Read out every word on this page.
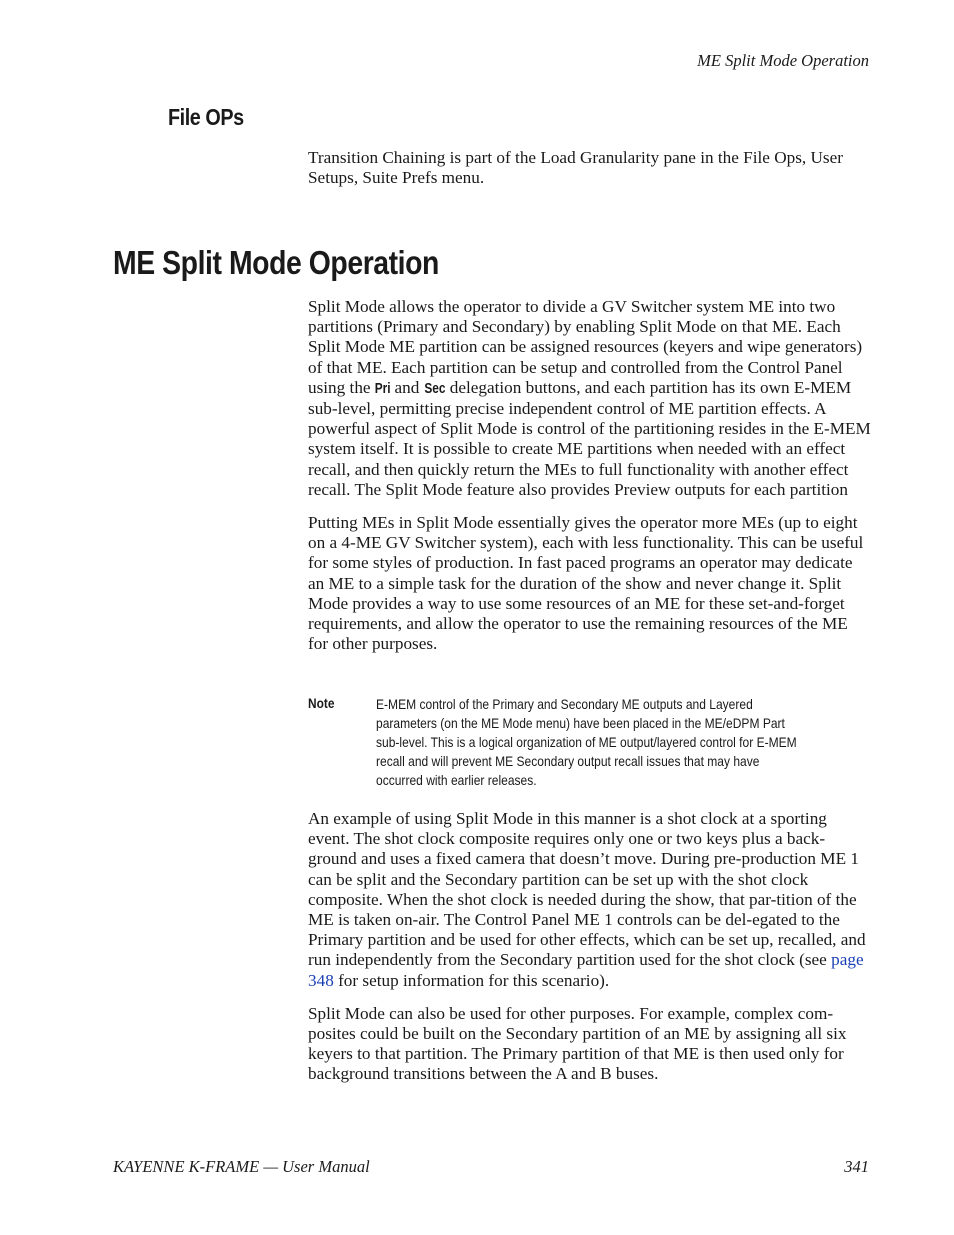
ME Split Mode Operation
File OPs

Transition Chaining is part of the Load Granularity pane in the File Ops, User Setups, Suite Prefs menu.

ME Split Mode Operation

Split Mode allows the operator to divide a GV Switcher system ME into two partitions (Primary and Secondary) by enabling Split Mode on that ME. Each Split Mode ME partition can be assigned resources (keyers and wipe generators) of that ME. Each partition can be setup and controlled from the Control Panel using the Pri and Sec delegation buttons, and each partition has its own E-MEM sub-level, permitting precise independent control of ME partition effects. A powerful aspect of Split Mode is control of the partitioning resides in the E-MEM system itself. It is possible to create ME partitions when needed with an effect recall, and then quickly return the MEs to full functionality with another effect recall. The Split Mode feature also provides Preview outputs for each partition

Putting MEs in Split Mode essentially gives the operator more MEs (up to eight on a 4-ME GV Switcher system), each with less functionality. This can be useful for some styles of production. In fast paced programs an operator may dedicate an ME to a simple task for the duration of the show and never change it. Split Mode provides a way to use some resources of an ME for these set-and-forget requirements, and allow the operator to use the remaining resources of the ME for other purposes.

Note	E-MEM control of the Primary and Secondary ME outputs and Layered parameters (on the ME Mode menu) have been placed in the ME/eDPM Part sub-level. This is a logical organization of ME output/layered control for E-MEM recall and will prevent ME Secondary output recall issues that may have occurred with earlier releases.

An example of using Split Mode in this manner is a shot clock at a sporting event. The shot clock composite requires only one or two keys plus a back-ground and uses a fixed camera that doesn’t move. During pre-production ME 1 can be split and the Secondary partition can be set up with the shot clock composite. When the shot clock is needed during the show, that par-tition of the ME is taken on-air. The Control Panel ME 1 controls can be del-egated to the Primary partition and be used for other effects, which can be set up, recalled, and run independently from the Secondary partition used for the shot clock (see page 348 for setup information for this scenario).

Split Mode can also be used for other purposes. For example, complex com-posites could be built on the Secondary partition of an ME by assigning all six keyers to that partition. The Primary partition of that ME is then used only for background transitions between the A and B buses.

KAYENNE K-FRAME — User Manual	341
